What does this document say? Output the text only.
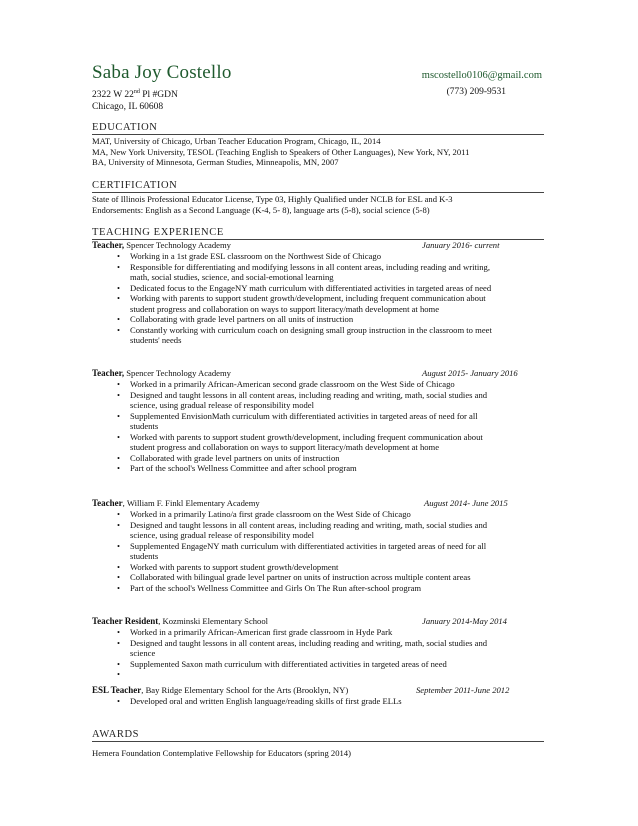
Saba Joy Costello	mscostello0106@gmail.com
2322 W 22nd Pl #GDN
Chicago, IL 60608
(773) 209-9531
EDUCATION
MAT, University of Chicago, Urban Teacher Education Program, Chicago, IL, 2014
MA, New York University, TESOL (Teaching English to Speakers of Other Languages), New York, NY, 2011
BA, University of Minnesota, German Studies, Minneapolis, MN, 2007
CERTIFICATION
State of Illinois Professional Educator License, Type 03, Highly Qualified under NCLB for ESL and K-3
Endorsements: English as a Second Language (K-4, 5- 8), language arts (5-8), social science (5-8)
TEACHING EXPERIENCE
Teacher, Spencer Technology Academy	January 2016- current
• Working in a 1st grade ESL classroom on the Northwest Side of Chicago
• Responsible for differentiating and modifying lessons in all content areas, including reading and writing,
math, social studies, science, and social-emotional learning
• Dedicated focus to the EngageNY math curriculum with differentiated activities in targeted areas of need
• Working with parents to support student growth/development, including frequent communication about
student progress and collaboration on ways to support literacy/math development at home
• Collaborating with grade level partners on all units of instruction
• Constantly working with curriculum coach on designing small group instruction in the classroom to meet
students' needs
Teacher, Spencer Technology Academy	August 2015- January 2016
• Worked in a primarily African-American second grade classroom on the West Side of Chicago
• Designed and taught lessons in all content areas, including reading and writing, math, social studies and
science, using gradual release of responsibility model
• Supplemented EnvisionMath curriculum with differentiated activities in targeted areas of need for all
students
• Worked with parents to support student growth/development, including frequent communication about
student progress and collaboration on ways to support literacy/math development at home
• Collaborated with grade level partners on units of instruction
• Part of the school's Wellness Committee and after school program
Teacher, William F. Finkl Elementary Academy	August 2014- June 2015
• Worked in a primarily Latino/a first grade classroom on the West Side of Chicago
• Designed and taught lessons in all content areas, including reading and writing, math, social studies and
science, using gradual release of responsibility model
• Supplemented EngageNY math curriculum with differentiated activities in targeted areas of need for all
students
• Worked with parents to support student growth/development
• Collaborated with bilingual grade level partner on units of instruction across multiple content areas
• Part of the school's Wellness Committee and Girls On The Run after-school program
Teacher Resident, Kozminski Elementary School	January 2014-May 2014
• Worked in a primarily African-American first grade classroom in Hyde Park
• Designed and taught lessons in all content areas, including reading and writing, math, social studies and
science
• Supplemented Saxon math curriculum with differentiated activities in targeted areas of need
•
ESL Teacher, Bay Ridge Elementary School for the Arts (Brooklyn, NY)	September 2011-June 2012
• Developed oral and written English language/reading skills of first grade ELLs
AWARDS
Hemera Foundation Contemplative Fellowship for Educators (spring 2014)
